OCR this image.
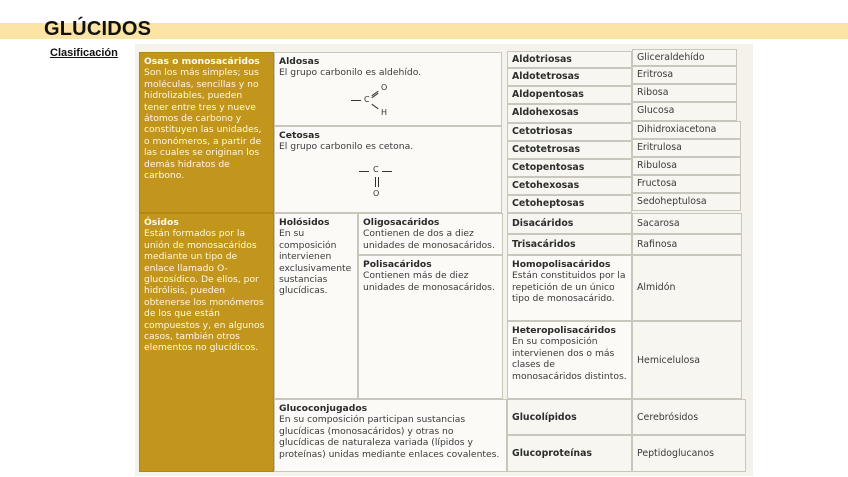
GLÚCIDOS
Clasificación
Osas o monosacáridos
Son los más simples; sus moléculas, sencillas y no hidrolizables, pueden tener entre tres y nueve átomos de carbono y constituyen las unidades, o monómeros, a partir de las cuales se originan los demás hidratos de carbono.
Aldosas
El grupo carbonilo es aldehído.
C
O
H
Cetosas
El grupo carbonilo es cetona.
C
O
Aldotriosas	Gliceraldehído
Aldotetrosas	Eritrosa
Aldopentosas	Ribosa
Aldohexosas	Glucosa
Cetotriosas	Dihidroxiacetona
Cetotetrosas	Eritrulosa
Cetopentosas	Ribulosa
Cetohexosas	Fructosa
Cetoheptosas	Sedoheptulosa
Ósidos
Están formados por la unión de monosacáridos mediante un tipo de enlace llamado O-glucosídico. De ellos, por hidrólisis, pueden obtenerse los monómeros de los que están compuestos y, en algunos casos, también otros elementos no glucídicos.
Holósidos
En su composición intervienen exclusivamente sustancias glucídicas.
Oligosacáridos
Contienen de dos a diez unidades de monosacáridos.
Polisacáridos
Contienen más de diez unidades de monosacáridos.
Disacáridos	Sacarosa
Trisacáridos	Rafinosa
Homopolisacáridos
Están constituidos por la repetición de un único tipo de monosacárido.
Almidón
Heteropolisacáridos
En su composición intervienen dos o más clases de monosacáridos distintos.
Hemicelulosa
Glucoconjugados
En su composición participan sustancias glucídicas (monosacáridos) y otras no glucídicas de naturaleza variada (lípidos y proteínas) unidas mediante enlaces covalentes.
Glucolípidos	Cerebrósidos
Glucoproteínas	Peptidoglucanos
